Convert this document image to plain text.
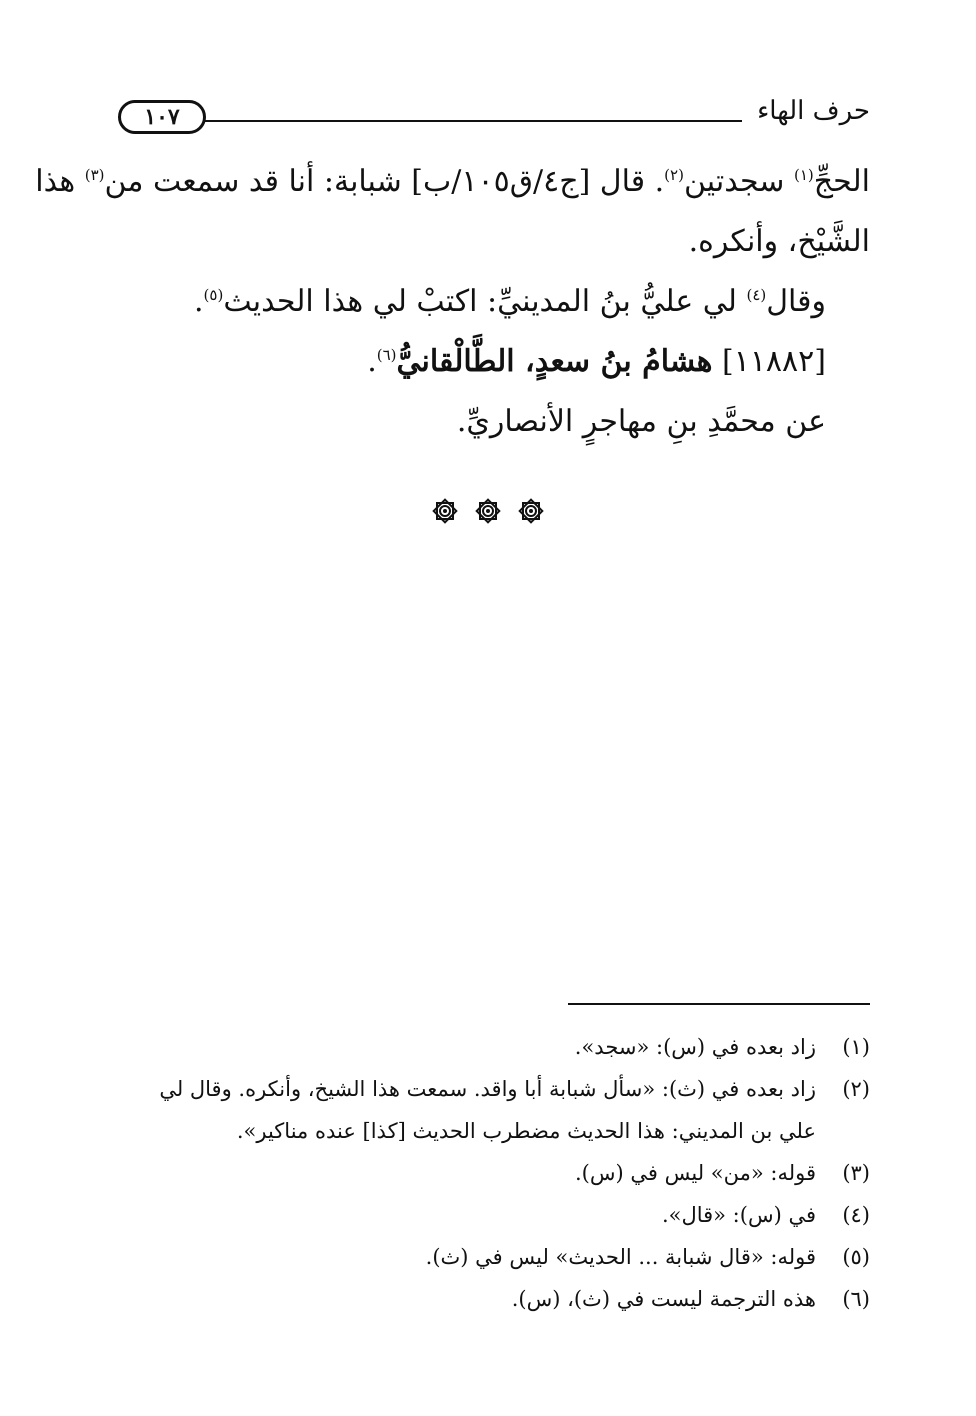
حرف الهاء
١٠٧
الحجِّ$^{(١)}$ سجدتين$^{(٢)}$. قال [ج٤/ق١٠٥/ب] شبابة: أنا قد سمعت من$^{(٣)}$ هذا
الشَّيْخ، وأنكره.
وقال$^{(٤)}$ لي عليُّ بنُ المدينيِّ: اكتبْ لي هذا الحديث$^{(٥)}$.
[١١٨٨٢] هشامُ بنُ سعدٍ، الطَّالْقانيُّ$^{(٦)}$.
عن محمَّدِ بنِ مهاجرٍ الأنصاريِّ.

(١)
زاد بعده في (س): «سجد».
(٢)
زاد بعده في (ث): «سأل شبابة أبا واقد. سمعت هذا الشيخ، وأنكره. وقال لي علي بن المديني: هذا الحديث مضطرب الحديث [كذا] عنده مناكير».
(٣)
قوله: «من» ليس في (س).
(٤)
في (س): «قال».
(٥)
قوله: «قال شبابة ... الحديث» ليس في (ث).
(٦)
هذه الترجمة ليست في (ث)، (س).
